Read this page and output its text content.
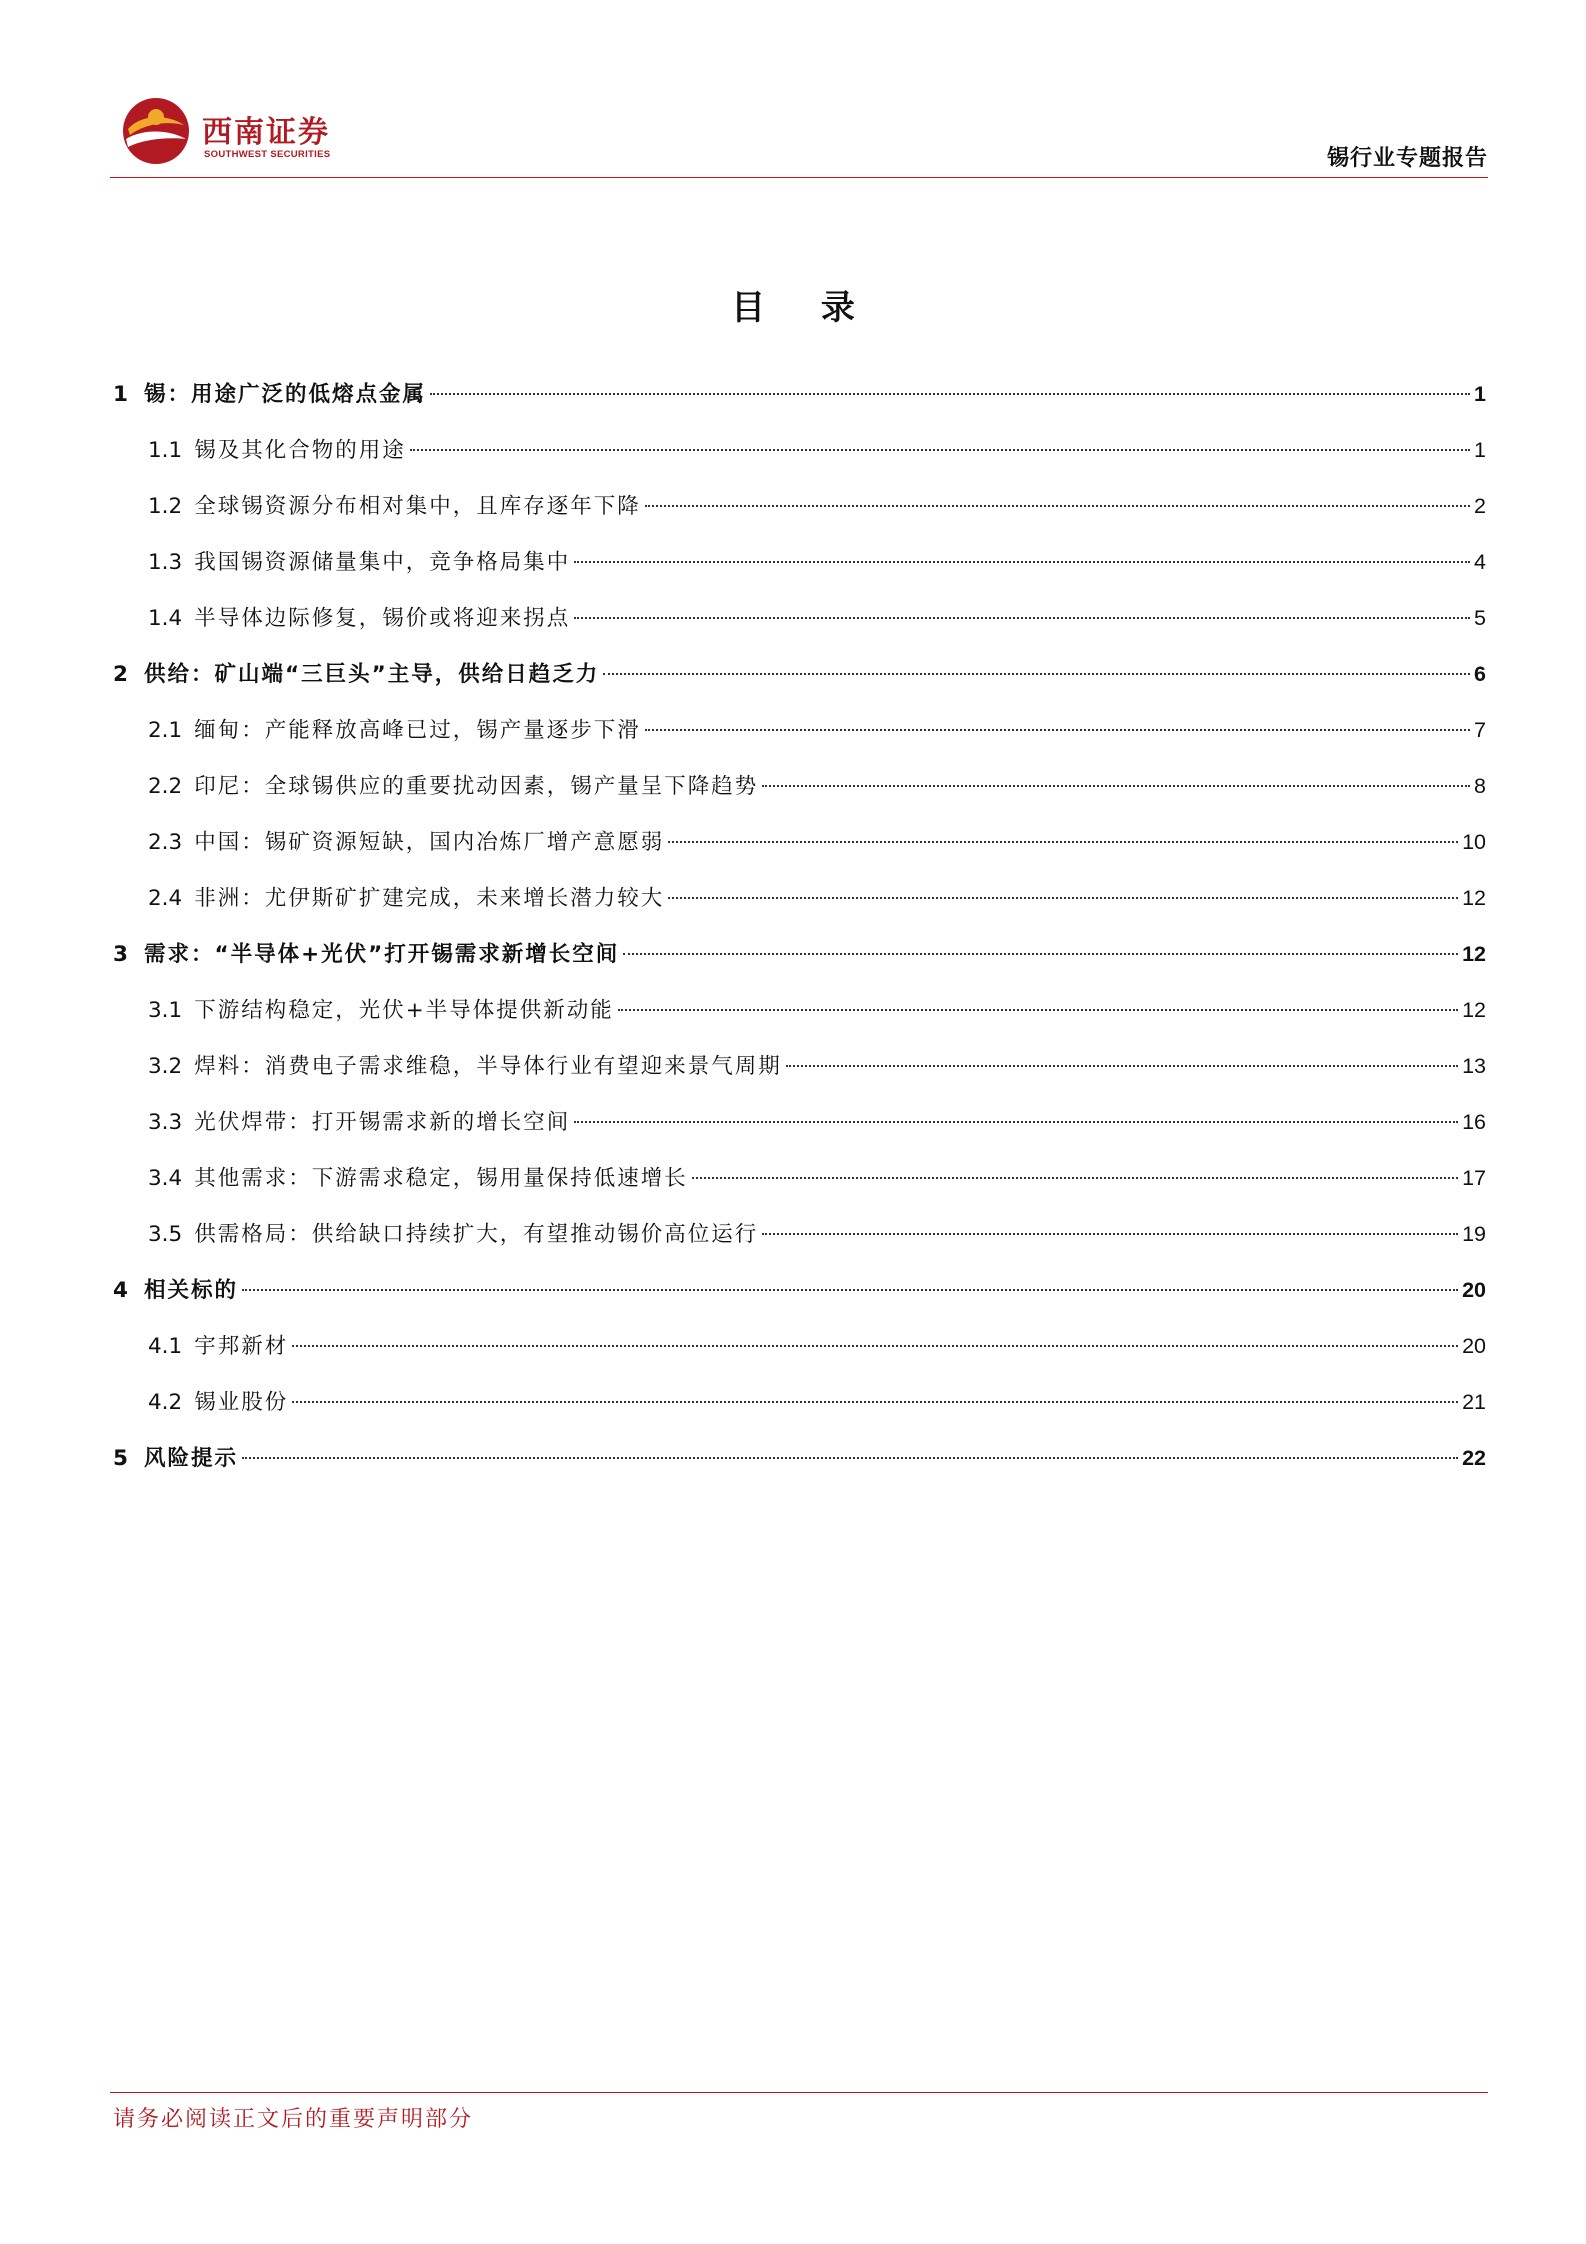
西南证券
SOUTHWEST SECURITIES	锡行业专题报告
目 录
1 锡：用途广泛的低熔点金属	1
1.1 锡及其化合物的用途	1
1.2 全球锡资源分布相对集中，且库存逐年下降	2
1.3 我国锡资源储量集中，竞争格局集中	4
1.4 半导体边际修复，锡价或将迎来拐点	5
2 供给：矿山端“三巨头”主导，供给日趋乏力	6
2.1 缅甸：产能释放高峰已过，锡产量逐步下滑	7
2.2 印尼：全球锡供应的重要扰动因素，锡产量呈下降趋势	8
2.3 中国：锡矿资源短缺，国内冶炼厂增产意愿弱	10
2.4 非洲：尤伊斯矿扩建完成，未来增长潜力较大	12
3 需求：“半导体+光伏”打开锡需求新增长空间	12
3.1 下游结构稳定，光伏+半导体提供新动能	12
3.2 焊料：消费电子需求维稳，半导体行业有望迎来景气周期	13
3.3 光伏焊带：打开锡需求新的增长空间	16
3.4 其他需求：下游需求稳定，锡用量保持低速增长	17
3.5 供需格局：供给缺口持续扩大，有望推动锡价高位运行	19
4 相关标的	20
4.1 宇邦新材	20
4.2 锡业股份	21
5 风险提示	22
请务必阅读正文后的重要声明部分
